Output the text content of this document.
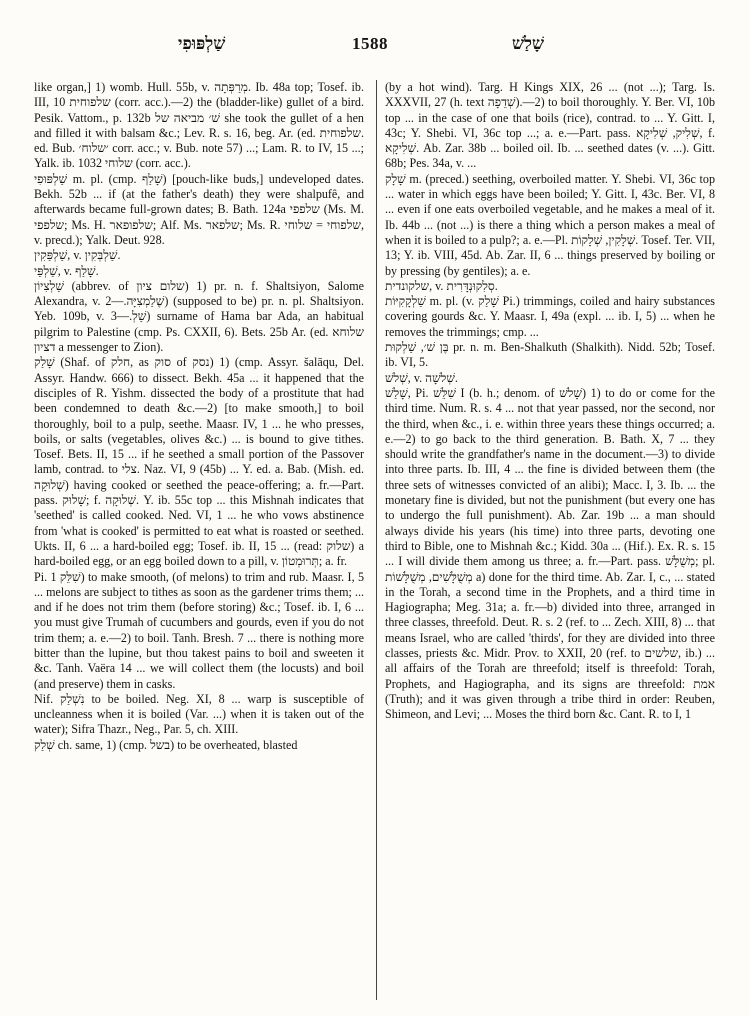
שַׁלְפּוּפִי	1588	שָׁלַשׁ

like organ,] 1) womb. Hull. 55b, v. מְרַפְּתָה. Ib. 48a top; Tosef. ib. III, 10 שלפוחית (corr. acc.).—2) the (bladder-like) gullet of a bird. Pesik. Vattom., p. 132b שׁ׳ מביאה של she took the gullet of a hen and filled it with balsam &c.; Lev. R. s. 16, beg. Ar. (ed. שלפוחית. ed. Bub. ׳שלוח׳ corr. acc.; v. Bub. note 57) ...; Lam. R. to IV, 15 ...; Yalk. ib. 1032 שלוחי (corr. acc.).
שַׁלְפּוּפִי m. pl. (cmp. שָׁלַף) [pouch-like buds,] undeveloped dates. Bekh. 52b ... if (at the father's death) they were shalpufê, and afterwards became full-grown dates; B. Bath. 124a שלפפי (Ms. M. שלפפי; Ms. H. שלפופאר; Alf. Ms. שלפאר; Ms. R. שלפוחי = שלוחי, v. precd.); Yalk. Deut. 928.
שַׁלְפַּקִין, v. שַׁלְבְּקִין.
שַׁלְפֵּי, v. שָׁלַף.
שַׁלְצִיוֹן (abbrev. of שלום ציון) 1) pr. n. f. Shaltsiyon, Salome Alexandra, v. שֶׁלַמְצִיָּה.—2) (supposed to be) pr. n. pl. Shaltsiyon. Yeb. 109b, v. שַׁלְ.—3) surname of Hama bar Ada, an habitual pilgrim to Palestine (cmp. Ps. CXXII, 6). Bets. 25b Ar. (ed. שלוחא דציון a messenger to Zion).
שָׁלַק (Shaf. of חלק, as סוק of נסק) 1) (cmp. Assyr. šalāqu, Del. Assyr. Handw. 666) to dissect. Bekh. 45a ... it happened that the disciples of R. Yishm. dissected the body of a prostitute that had been condemned to death &c.—2) [to make smooth,] to boil thoroughly, boil to a pulp, seethe. Maasr. IV, 1 ... he who presses, boils, or salts (vegetables, olives &c.) ... is bound to give tithes. Tosef. Bets. II, 15 ... if he seethed a small portion of the Passover lamb, contrad. to צלי. Naz. VI, 9 (45b) ... Y. ed. a. Bab. (Mish. ed. שְׁלוּקָה) having cooked or seethed the peace-offering; a. fr.—Part. pass. שָׁלוּק; f. שְׁלוּקָה. Y. ib. 55c top ... this Mishnah indicates that 'seethed' is called cooked. Ned. VI, 1 ... he who vows abstinence from 'what is cooked' is permitted to eat what is roasted or seethed. Ukts. II, 6 ... a hard-boiled egg; Tosef. ib. II, 15 ... (read: שלוק) a hard-boiled egg, or an egg boiled down to a pill, v. תְּרוּמְטוֹן; a. fr.
Pi. שִׁלֵּק 1) to make smooth, (of melons) to trim and rub. Maasr. I, 5 ... melons are subject to tithes as soon as the gardener trims them; ... and if he does not trim them (before storing) &c.; Tosef. ib. I, 6 ... you must give Trumah of cucumbers and gourds, even if you do not trim them; a. e.—2) to boil. Tanh. Bresh. 7 ... there is nothing more bitter than the lupine, but thou takest pains to boil and sweeten it &c. Tanh. Vaëra 14 ... we will collect them (the locusts) and boil (and preserve) them in casks.
Nif. נִשְׁלַק to be boiled. Neg. XI, 8 ... warp is susceptible of uncleanness when it is boiled (Var. ...) when it is taken out of the water); Sifra Thazr., Neg., Par. 5, ch. XIII.
שְׁלַק ch. same, 1) (cmp. בשל) to be overheated, blasted

(by a hot wind). Targ. H Kings XIX, 26 ... (not ...); Targ. Is. XXXVII, 27 (h. text שְׁדֵפָה).—2) to boil thoroughly. Y. Ber. VI, 10b top ... in the case of one that boils (rice), contrad. to ... Y. Gitt. I, 43c; Y. Shebi. VI, 36c top ...; a. e.—Part. pass. שְׁלִיק, שְׁלִיקָא, f. שְׁלִיקָא. Ab. Zar. 38b ... boiled oil. Ib. ... seethed dates (v. ...). Gitt. 68b; Pes. 34a, v. ...
שָׁלָק m. (preced.) seething, overboiled matter. Y. Shebi. VI, 36c top ... water in which eggs have been boiled; Y. Gitt. I, 43c. Ber. VI, 8 ... even if one eats overboiled vegetable, and he makes a meal of it. Ib. 44b ... (not ...) is there a thing which a person makes a meal of when it is boiled to a pulp?; a. e.—Pl. שְׁלָקִין, שְׁלָקוֹת. Tosef. Ter. VII, 13; Y. ib. VIII, 45d. Ab. Zar. II, 6 ... things preserved by boiling or by pressing (by gentiles); a. e.
שלקונדית, v. סְלִקוּנְדָּרִית.
שַׁלְקָקִיּוֹת m. pl. (v. שָׁלַק Pi.) trimmings, coiled and hairy substances covering gourds &c. Y. Maasr. I, 49a (expl. ... ib. I, 5) ... when he removes the trimmings; cmp. ...
בֶּן שׁ׳, שַׁלְקוּת pr. n. m. Ben-Shalkuth (Shalkith). Nidd. 52b; Tosef. ib. VI, 5.
שְׁלשׁ, v. שְׁלשָׁה.
שָׁלַשׁ, Pi. שִׁלֵּשׁ I (b. h.; denom. of שָׁלשׁ) 1) to do or come for the third time. Num. R. s. 4 ... not that year passed, nor the second, nor the third, when &c., i. e. within three years these things occurred; a. e.—2) to go back to the third generation. B. Bath. X, 7 ... they should write the grandfather's name in the document.—3) to divide into three parts. Ib. III, 4 ... the fine is divided between them (the three sets of witnesses convicted of an alibi); Macc. I, 3. Ib. ... the monetary fine is divided, but not the punishment (but every one has to undergo the full punishment). Ab. Zar. 19b ... a man should always divide his years (his time) into three parts, devoting one third to Bible, one to Mishnah &c.; Kidd. 30a ... (Hif.). Ex. R. s. 15 ... I will divide them among us three; a. fr.—Part. pass. מְשֻׁלָּשׁ; pl. מְשֻׁלָּשִׁים, מְשֻׁלָּשׁוֹת a) done for the third time. Ab. Zar. I, c., ... stated in the Torah, a second time in the Prophets, and a third time in Hagiographa; Meg. 31a; a. fr.—b) divided into three, arranged in three classes, threefold. Deut. R. s. 2 (ref. to ... Zech. XIII, 8) ... that means Israel, who are called 'thirds', for they are divided into three classes, priests &c. Midr. Prov. to XXII, 20 (ref. to שלשים, ib.) ... all affairs of the Torah are threefold; itself is threefold: Torah, Prophets, and Hagiographa, and its signs are threefold: אמת (Truth); and it was given through a tribe third in order: Reuben, Shimeon, and Levi; ... Moses the third born &c. Cant. R. to I, 1
